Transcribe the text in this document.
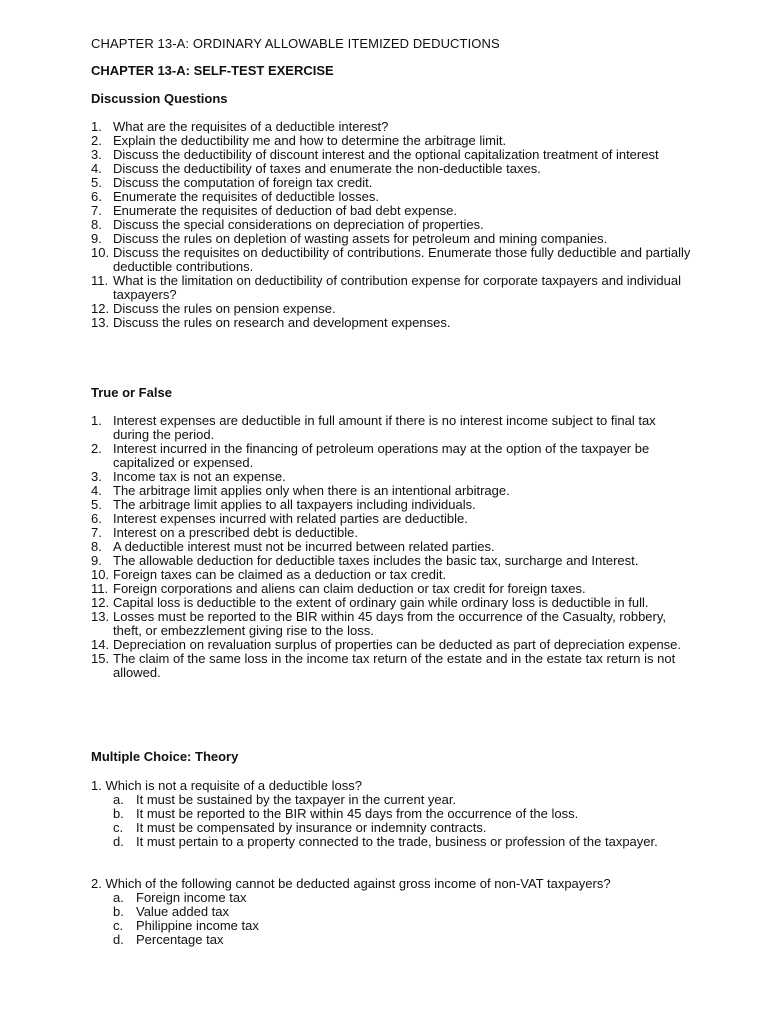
CHAPTER 13-A: ORDINARY ALLOWABLE ITEMIZED DEDUCTIONS
CHAPTER 13-A: SELF-TEST EXERCISE
Discussion Questions
1. What are the requisites of a deductible interest?
2. Explain the deductibility me and how to determine the arbitrage limit.
3. Discuss the deductibility of discount interest and the optional capitalization treatment of interest
4. Discuss the deductibility of taxes and enumerate the non-deductible taxes.
5. Discuss the computation of foreign tax credit.
6. Enumerate the requisites of deductible losses.
7. Enumerate the requisites of deduction of bad debt expense.
8. Discuss the special considerations on depreciation of properties.
9. Discuss the rules on depletion of wasting assets for petroleum and mining companies.
10. Discuss the requisites on deductibility of contributions. Enumerate those fully deductible and partially deductible contributions.
11. What is the limitation on deductibility of contribution expense for corporate taxpayers and individual taxpayers?
12. Discuss the rules on pension expense.
13. Discuss the rules on research and development expenses.
True or False
1. Interest expenses are deductible in full amount if there is no interest income subject to final tax during the period.
2. Interest incurred in the financing of petroleum operations may at the option of the taxpayer be capitalized or expensed.
3. Income tax is not an expense.
4. The arbitrage limit applies only when there is an intentional arbitrage.
5. The arbitrage limit applies to all taxpayers including individuals.
6. Interest expenses incurred with related parties are deductible.
7. Interest on a prescribed debt is deductible.
8. A deductible interest must not be incurred between related parties.
9. The allowable deduction for deductible taxes includes the basic tax, surcharge and Interest.
10. Foreign taxes can be claimed as a deduction or tax credit.
11. Foreign corporations and aliens can claim deduction or tax credit for foreign taxes.
12. Capital loss is deductible to the extent of ordinary gain while ordinary loss is deductible in full.
13. Losses must be reported to the BIR within 45 days from the occurrence of the Casualty, robbery, theft, or embezzlement giving rise to the loss.
14. Depreciation on revaluation surplus of properties can be deducted as part of depreciation expense.
15. The claim of the same loss in the income tax return of the estate and in the estate tax return is not allowed.
Multiple Choice: Theory
1. Which is not a requisite of a deductible loss?
a. It must be sustained by the taxpayer in the current year.
b. It must be reported to the BIR within 45 days from the occurrence of the loss.
c. It must be compensated by insurance or indemnity contracts.
d. It must pertain to a property connected to the trade, business or profession of the taxpayer.
2. Which of the following cannot be deducted against gross income of non-VAT taxpayers?
a. Foreign income tax
b. Value added tax
c. Philippine income tax
d. Percentage tax
